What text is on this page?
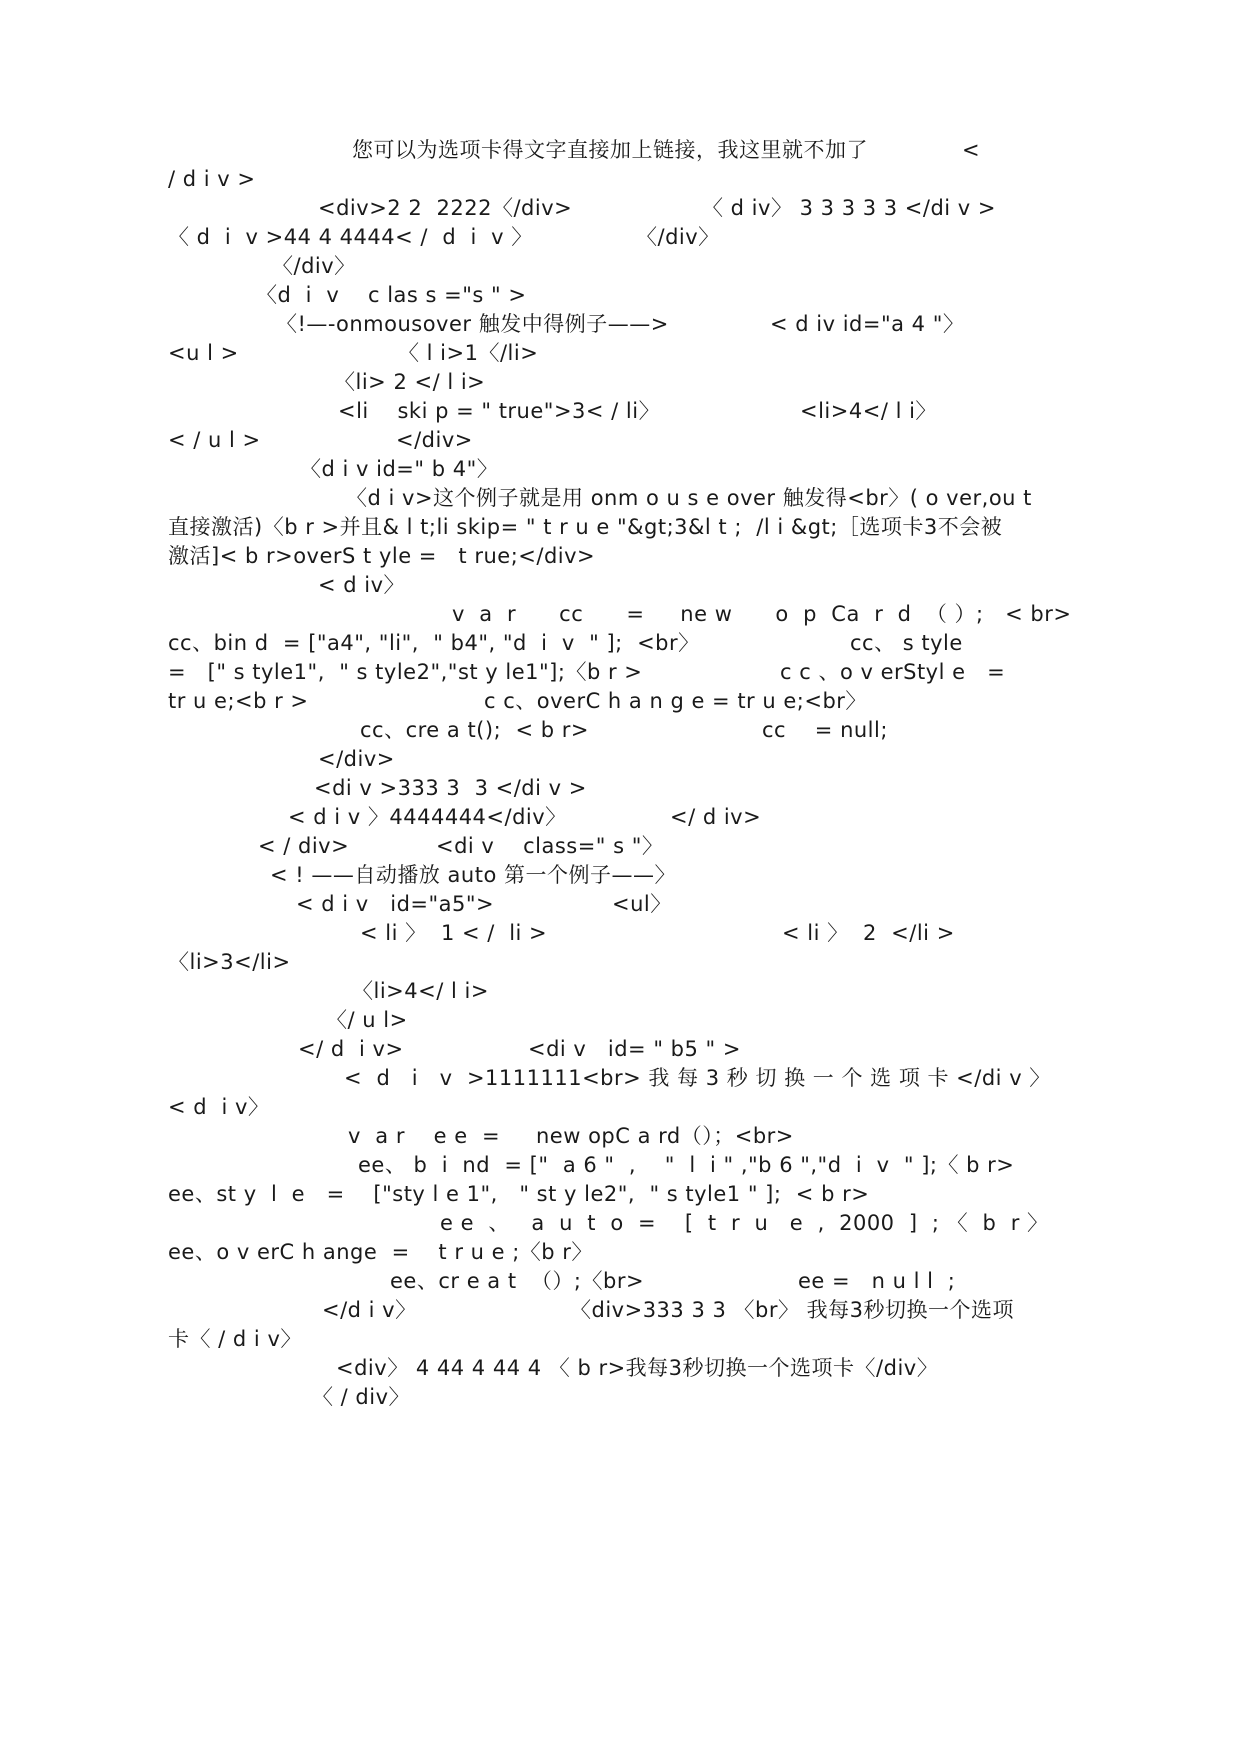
您可以为选项卡得文字直接加上链接，我这里就不加了

	<

/ d i v >

<div>2 2  2222〈/div>

	〈 d iv〉 3 3 3 3 3 </di v >

〈 d  i  v >44 4 4444< /  d  i  v 〉

	〈/div〉

〈/div〉

〈d  i  v    c las s ="s " >

〈!—-onmousover 触发中得例子——>

	< d iv id="a 4 "〉

<u l >

	〈 l i>1〈/li>

〈li> 2 </ l i>

<li    ski p = " true">3< / li〉

	<li>4</ l i〉

< / u l >

	</div>

〈d i v id=" b 4"〉

〈d i v>这个例子就是用 onm o u s e over 触发得<br〉( o ver,ou t

直接激活)〈b r >并且& l t;li skip= " t r u e "&gt;3&l t ;  /l i &gt;［选项卡3不会被

激活]< b r>overS t yle =   t rue;</div>

< d iv〉

v  a  r      cc      =     ne w      o  p  Ca  r  d  （ ）;   < br>

cc、bin d  = ["a4", "li",  " b4", "d  i  v  " ];  <br〉

	cc、 s tyle

=   [" s tyle1",  " s tyle2","st y le1"];〈b r >

	c c 、o v erStyl e   =

tr u e;<b r >

	c c、overC h a n g e = tr u e;<br〉

cc、cre a t();  < b r>

	cc    = null;

</div>

<di v >333 3  3 </di v >

< d i v 〉4444444</div〉

	</ d iv>

< / div>

	<di v    class=" s "〉

< ! ——自动播放 auto 第一个例子——〉

< d i v   id="a5">

	<ul〉

< li 〉  1 < /  li >

	< li 〉  2  </li >

〈li>3</li>

〈li>4</ l i>

〈/ u l>

</ d  i v>

	<di v   id= " b5 " >

<  d   i   v  >1111111<br> 我 每 3 秒 切 换 一 个 选 项 卡 </di v 〉

< d  i v〉

v  a r    e e  =     new opC a rd（）；<br>

ee、 b  i  nd  = ["  a 6 "  ,    "  l  i " ,"b 6 ","d  i  v  " ];〈 b r>

ee、st y  l  e   =    ["sty l e 1",   " st y le2",  " s tyle1 " ];  < b r>

e e  、   a  u  t  o  =    [  t  r  u   e  ,  2000  ]  ; 〈  b  r 〉

ee、o v erC h ange  =    t r u e ;〈b r〉

ee、cr e a t  （）;〈br>

	ee =   n u l l  ;

</d i v〉

	〈div>333 3 3 〈br〉 我每3秒切换一个选项

卡〈 / d i v〉

<div〉 4 44 4 44 4 〈 b r>我每3秒切换一个选项卡〈/div〉

〈 / div〉
